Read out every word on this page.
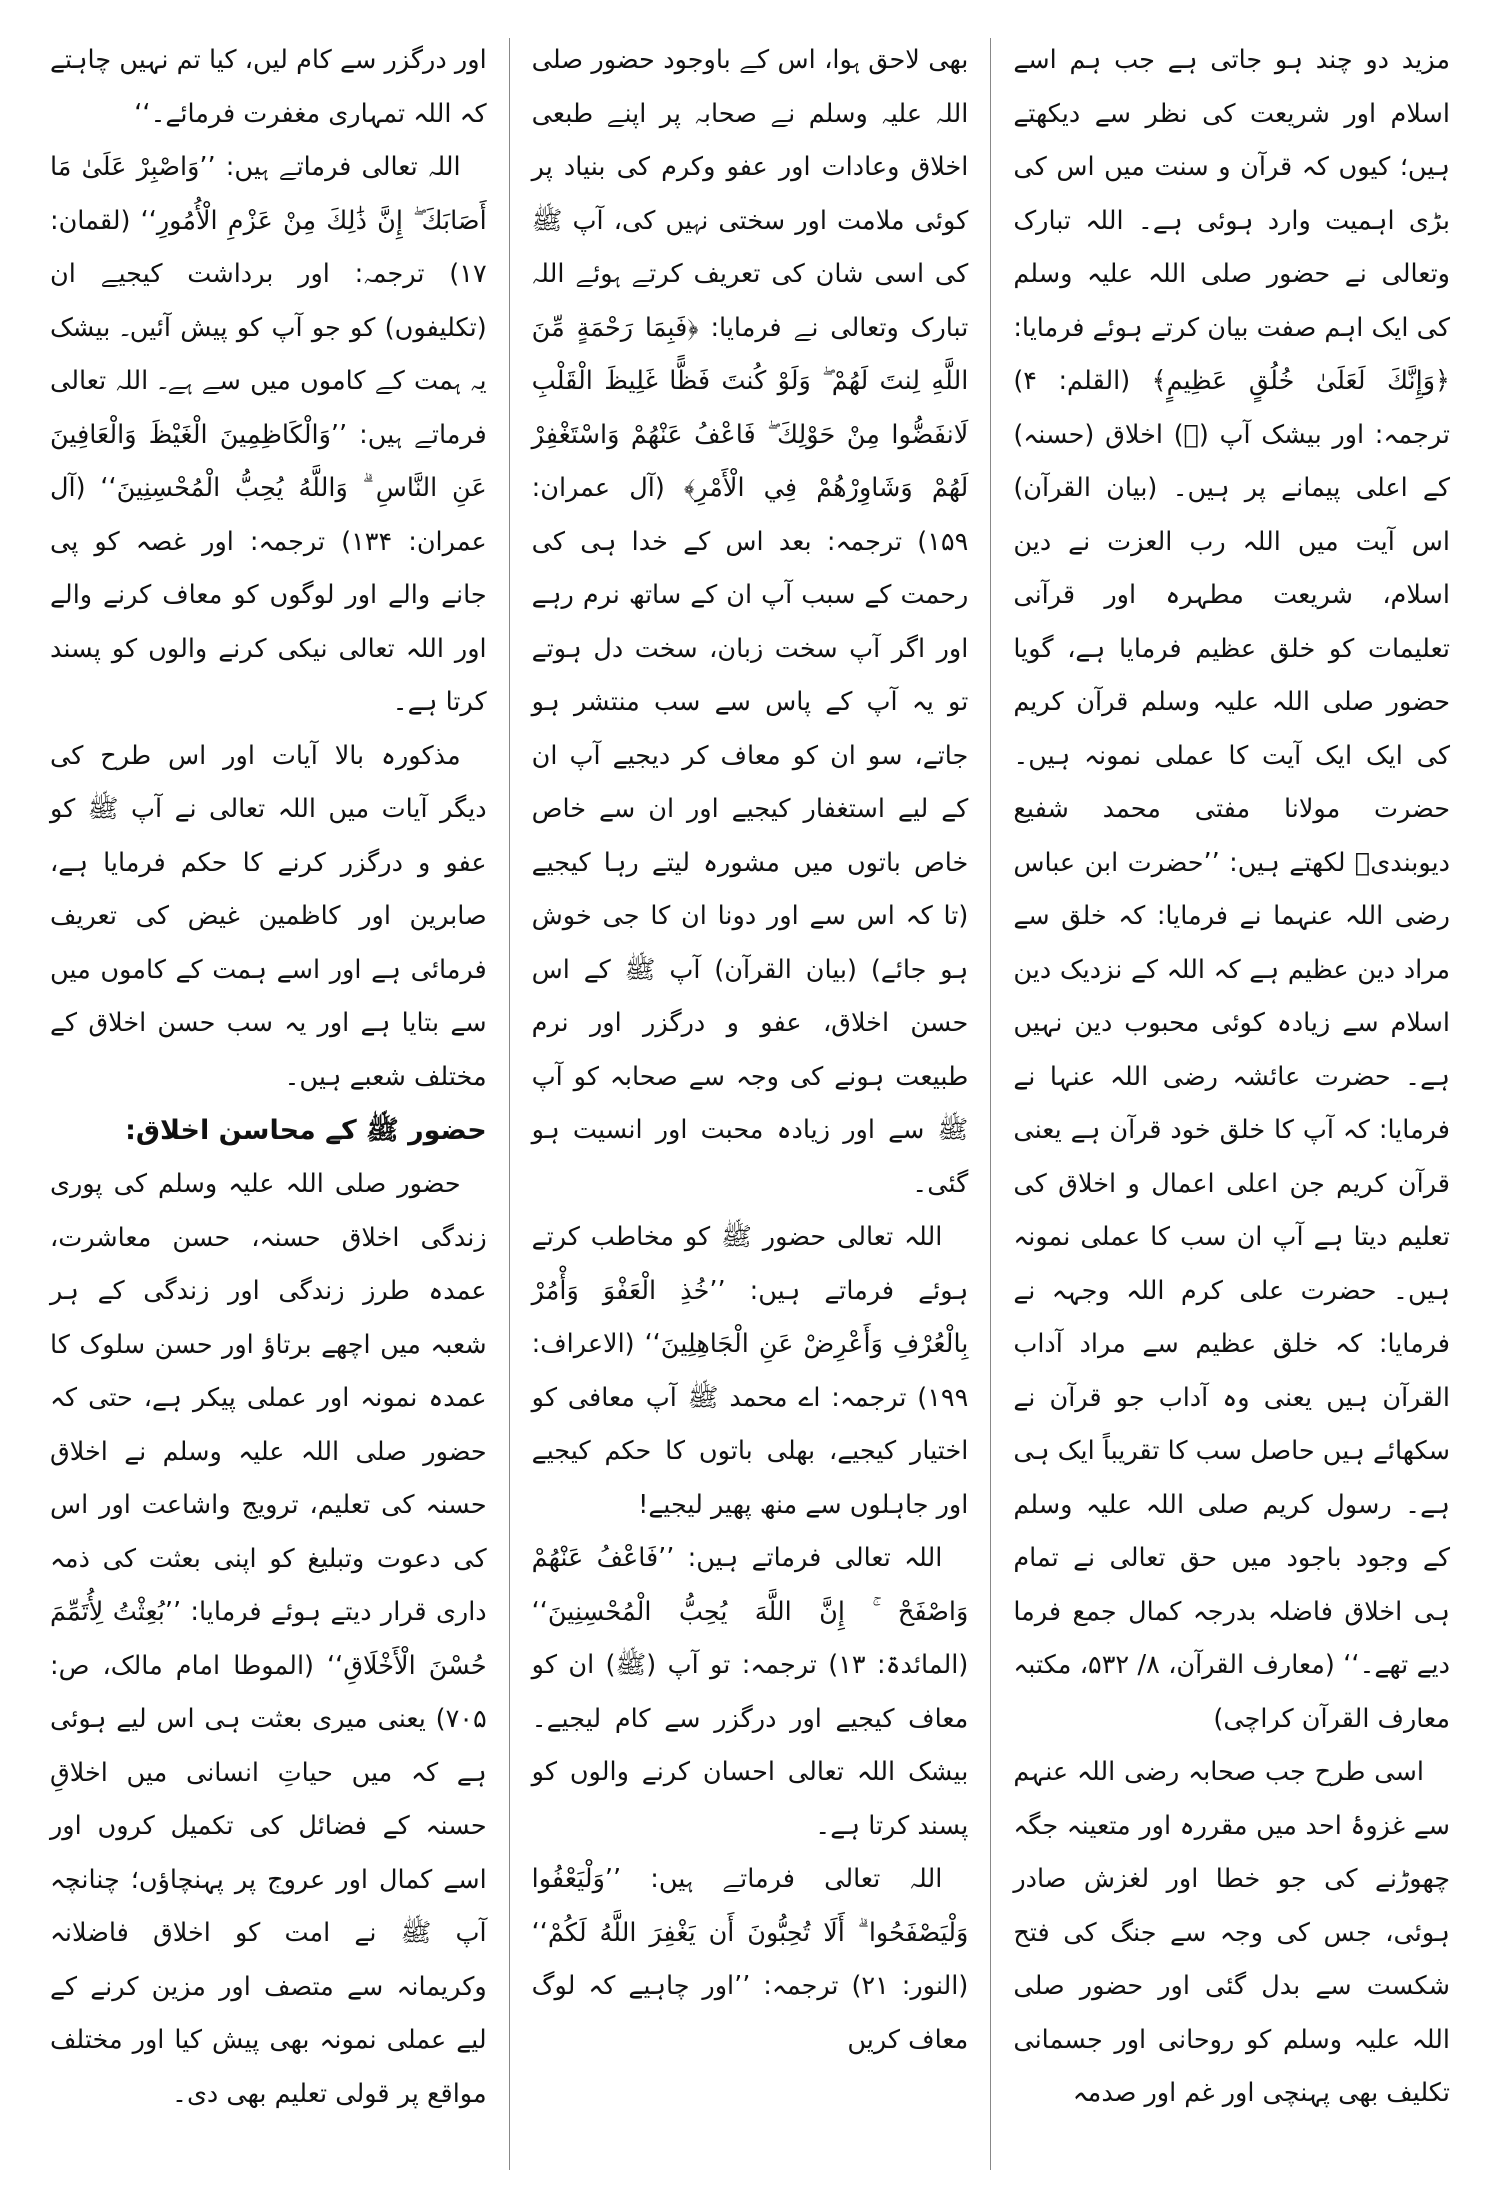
مزید دو چند ہو جاتی ہے جب ہم اسے اسلام اور شریعت کی نظر سے دیکھتے ہیں؛ کیوں کہ قرآن و سنت میں اس کی بڑی اہمیت وارد ہوئی ہے۔ اللہ تبارک وتعالی نے حضور صلی اللہ علیہ وسلم کی ایک اہم صفت بیان کرتے ہوئے فرمایا: ﴿وَإِنَّكَ لَعَلَىٰ خُلُقٍ عَظِيمٍ﴾ (القلم: ۴) ترجمہ: اور بیشک آپ (ﷺ) اخلاق (حسنہ) کے اعلی پیمانے پر ہیں۔ (بیان القرآن) اس آیت میں اللہ رب العزت نے دین اسلام، شریعت مطہرہ اور قرآنی تعلیمات کو خلق عظیم فرمایا ہے، گویا حضور صلی اللہ علیہ وسلم قرآن کریم کی ایک ایک آیت کا عملی نمونہ ہیں۔ حضرت مولانا مفتی محمد شفیع دیوبندیؒ لکھتے ہیں: ’’حضرت ابن عباس رضی اللہ عنہما نے فرمایا: کہ خلق سے مراد دین عظیم ہے کہ اللہ کے نزدیک دین اسلام سے زیادہ کوئی محبوب دین نہیں ہے۔ حضرت عائشہ رضی اللہ عنہا نے فرمایا: کہ آپ کا خلق خود قرآن ہے یعنی قرآن کریم جن اعلی اعمال و اخلاق کی تعلیم دیتا ہے آپ ان سب کا عملی نمونہ ہیں۔ حضرت علی کرم اللہ وجہہ نے فرمایا: کہ خلق عظیم سے مراد آداب القرآن ہیں یعنی وہ آداب جو قرآن نے سکھائے ہیں حاصل سب کا تقریباً ایک ہی ہے۔ رسول کریم صلی اللہ علیہ وسلم کے وجود باجود میں حق تعالی نے تمام ہی اخلاق فاضلہ بدرجہ کمال جمع فرما دیے تھے۔‘‘ (معارف القرآن، ۸/ ۵۳۲، مکتبہ معارف القرآن کراچی)

اسی طرح جب صحابہ رضی اللہ عنہم سے غزوۂ احد میں مقررہ اور متعینہ جگہ چھوڑنے کی جو خطا اور لغزش صادر ہوئی، جس کی وجہ سے جنگ کی فتح شکست سے بدل گئی اور حضور صلی اللہ علیہ وسلم کو روحانی اور جسمانی تکلیف بھی پہنچی اور غم اور صدمہ

بھی لاحق ہوا، اس کے باوجود حضور صلی اللہ علیہ وسلم نے صحابہ پر اپنے طبعی اخلاق وعادات اور عفو وکرم کی بنیاد پر کوئی ملامت اور سختی نہیں کی، آپ ﷺ کی اسی شان کی تعریف کرتے ہوئے اللہ تبارک وتعالی نے فرمایا: ﴿فَبِمَا رَحْمَةٍ مِّنَ اللَّهِ لِنتَ لَهُمْ ۖ وَلَوْ كُنتَ فَظًّا غَلِيظَ الْقَلْبِ لَانفَضُّوا مِنْ حَوْلِكَ ۖ فَاعْفُ عَنْهُمْ وَاسْتَغْفِرْ لَهُمْ وَشَاوِرْهُمْ فِي الْأَمْرِ﴾ (آل عمران: ۱۵۹) ترجمہ: بعد اس کے خدا ہی کی رحمت کے سبب آپ ان کے ساتھ نرم رہے اور اگر آپ سخت زبان، سخت دل ہوتے تو یہ آپ کے پاس سے سب منتشر ہو جاتے، سو ان کو معاف کر دیجیے آپ ان کے لیے استغفار کیجیے اور ان سے خاص خاص باتوں میں مشورہ لیتے رہا کیجیے (تا کہ اس سے اور دونا ان کا جی خوش ہو جائے) (بیان القرآن) آپ ﷺ کے اس حسن اخلاق، عفو و درگزر اور نرم طبیعت ہونے کی وجہ سے صحابہ کو آپ ﷺ سے اور زیادہ محبت اور انسیت ہو گئی۔

اللہ تعالی حضور ﷺ کو مخاطب کرتے ہوئے فرماتے ہیں: ’’خُذِ الْعَفْوَ وَأْمُرْ بِالْعُرْفِ وَأَعْرِضْ عَنِ الْجَاهِلِينَ‘‘ (الاعراف: ۱۹۹) ترجمہ: اے محمد ﷺ آپ معافی کو اختیار کیجیے، بھلی باتوں کا حکم کیجیے اور جاہلوں سے منھ پھیر لیجیے!

اللہ تعالی فرماتے ہیں: ’’فَاعْفُ عَنْهُمْ وَاصْفَحْ ۚ إِنَّ اللَّهَ يُحِبُّ الْمُحْسِنِينَ‘‘ (المائدۃ: ۱۳) ترجمہ: تو آپ (ﷺ) ان کو معاف کیجیے اور درگزر سے کام لیجیے۔ بیشک اللہ تعالی احسان کرنے والوں کو پسند کرتا ہے۔

اللہ تعالی فرماتے ہیں: ’’وَلْيَعْفُوا وَلْيَصْفَحُوا ۗ أَلَا تُحِبُّونَ أَن يَغْفِرَ اللَّهُ لَكُمْ‘‘ (النور: ۲۱) ترجمہ: ’’اور چاہیے کہ لوگ معاف کریں

اور درگزر سے کام لیں، کیا تم نہیں چاہتے کہ اللہ تمہاری مغفرت فرمائے۔‘‘

اللہ تعالی فرماتے ہیں: ’’وَاصْبِرْ عَلَىٰ مَا أَصَابَكَ ۖ إِنَّ ذَٰلِكَ مِنْ عَزْمِ الْأُمُورِ‘‘ (لقمان: ۱۷) ترجمہ: اور برداشت کیجیے ان (تکلیفوں) کو جو آپ کو پیش آئیں۔ بیشک یہ ہمت کے کاموں میں سے ہے۔ اللہ تعالی فرماتے ہیں: ’’وَالْكَاظِمِينَ الْغَيْظَ وَالْعَافِينَ عَنِ النَّاسِ ۗ وَاللَّهُ يُحِبُّ الْمُحْسِنِينَ‘‘ (آل عمران: ۱۳۴) ترجمہ: اور غصہ کو پی جانے والے اور لوگوں کو معاف کرنے والے اور اللہ تعالی نیکی کرنے والوں کو پسند کرتا ہے۔

مذکورہ بالا آیات اور اس طرح کی دیگر آیات میں اللہ تعالی نے آپ ﷺ کو عفو و درگزر کرنے کا حکم فرمایا ہے، صابرین اور کاظمین غیض کی تعریف فرمائی ہے اور اسے ہمت کے کاموں میں سے بتایا ہے اور یہ سب حسن اخلاق کے مختلف شعبے ہیں۔

حضور ﷺ کے محاسن اخلاق:

حضور صلی اللہ علیہ وسلم کی پوری زندگی اخلاق حسنہ، حسن معاشرت، عمدہ طرز زندگی اور زندگی کے ہر شعبہ میں اچھے برتاؤ اور حسن سلوک کا عمدہ نمونہ اور عملی پیکر ہے، حتی کہ حضور صلی اللہ علیہ وسلم نے اخلاق حسنہ کی تعلیم، ترویج واشاعت اور اس کی دعوت وتبلیغ کو اپنی بعثت کی ذمہ داری قرار دیتے ہوئے فرمایا: ’’بُعِثْتُ لِأُتَمِّمَ حُسْنَ الْأَخْلَاقِ‘‘ (الموطا امام مالک، ص: ۷۰۵) یعنی میری بعثت ہی اس لیے ہوئی ہے کہ میں حیاتِ انسانی میں اخلاقِ حسنہ کے فضائل کی تکمیل کروں اور اسے کمال اور عروج پر پہنچاؤں؛ چنانچہ آپ ﷺ نے امت کو اخلاق فاضلانہ وکریمانہ سے متصف اور مزین کرنے کے لیے عملی نمونہ بھی پیش کیا اور مختلف مواقع پر قولی تعلیم بھی دی۔
